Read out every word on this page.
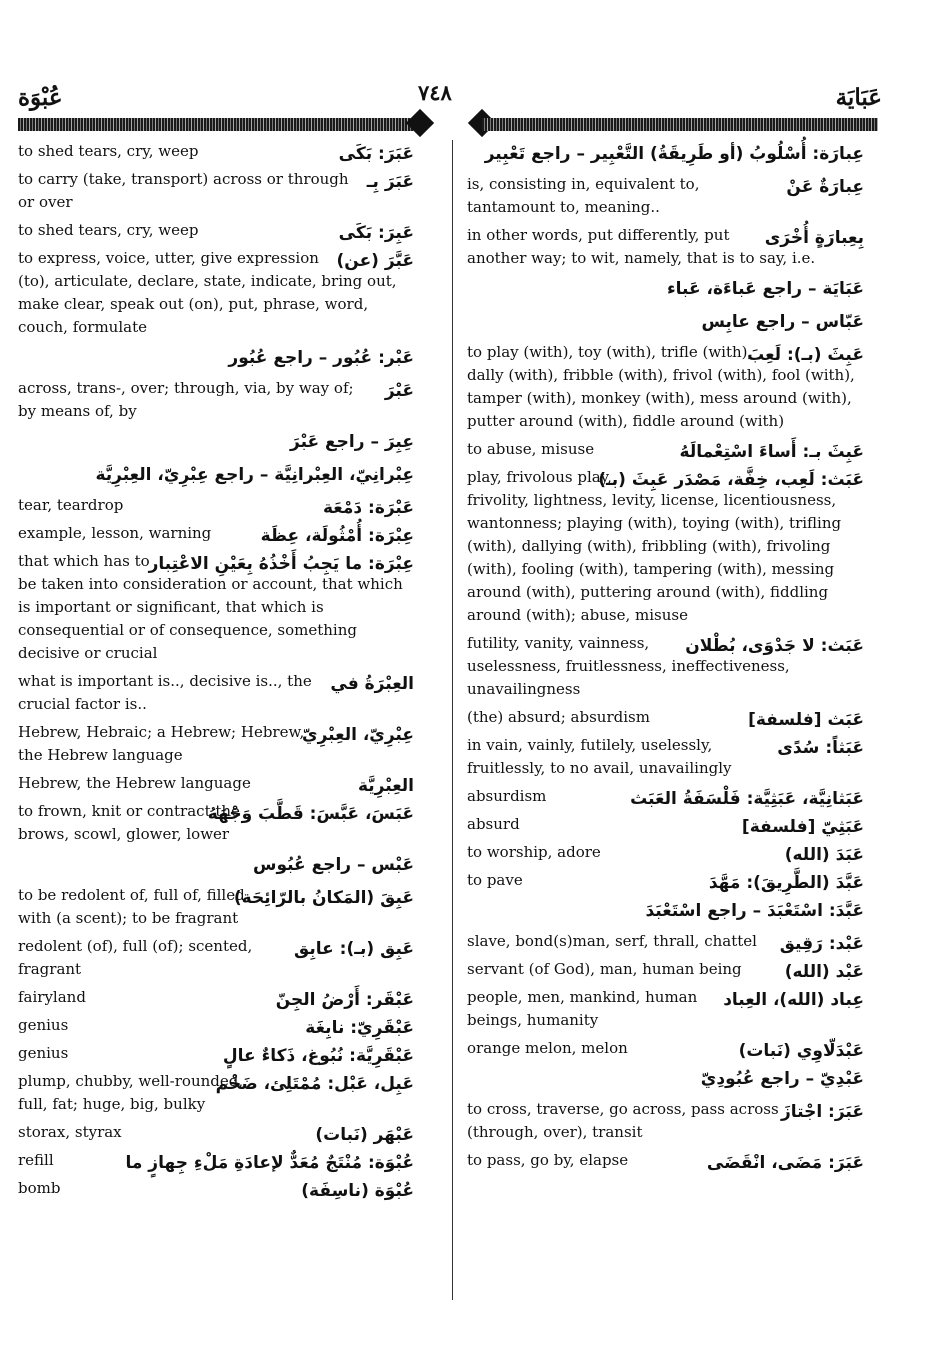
عُبْوَة	٧٤٨	عَبَايَة
عَبَرَ: بَكَى
to shed tears, cry, weep
عَبَرَ بِـ
to carry (take, transport) across or through or over
عَبِرَ: بَكَى
to shed tears, cry, weep
عَبَّرَ (عن)
to express, voice, utter, give expression (to), articulate, declare, state, indicate, bring out, make clear, speak out (on), put, phrase, word, couch, formulate
عَبْر: عُبُور – راجع عُبُور
عَبْرَ
across, trans-, over; through, via, by way of; by means of, by
عِبِرَ – راجع عَبْرَ
عِبْرانِيّ، العِبْرانِيَّة – راجع عِبْرِيّ، العِبْرِيَّة
عَبْرَة: دَمْعَة
tear, teardrop
عِبْرَة: أُمْثُولَة، عِظَة
example, lesson, warning
عِبْرَة: ما يَجِبُ أَخْذُهُ بِعَيْنِ الاعْتِبار
that which has to be taken into consideration or account, that which is important or significant, that which is consequential or of consequence, something decisive or crucial
العِبْرَةُ في
what is important is.., decisive is.., the crucial factor is..
عِبْرِيّ، العِبْرِيّ
Hebrew, Hebraic; a Hebrew; Hebrew, the Hebrew language
العِبْرِيَّة
Hebrew, the Hebrew language
عَبَسَ، عَبَّسَ: قَطَّبَ وَجْهَهُ
to frown, knit or contract the brows, scowl, glower, lower
عَبْس – راجع عُبُوس
عَبِقَ (المَكانُ بالرّائِحَة)
to be redolent of, full of, filled with (a scent); to be fragrant
عَبِق (بـ): عابِق
redolent (of), full (of); scented, fragrant
عَبْقَر: أَرْضُ الجِنّ
fairyland
عَبْقَرِيّ: نابِغَة
genius
عَبْقَرِيَّة: نُبُوغ، ذَكاءٌ عالٍ
genius
عَبِل، عَبْل: مُمْتَلِئ، ضَخْم
plump, chubby, well-rounded, full, fat; huge, big, bulky
عَبْهَر (نَبات)
storax, styrax
عُبْوَة: مُنْتَجٌ مُعَدٌّ لإعادَةِ مَلْءِ جِهازٍ ما
refill
عُبْوَة (ناسِفَة)
bomb
عِبارَة: أُسْلُوبُ (أو طَرِيقَةُ) التَّعْبِير – راجع تَعْبِير
عِبارَةٌ عَنْ
is, consisting in, equivalent to, tantamount to, meaning..
بِعِبارَةٍ أُخْرَى
in other words, put differently, put another way; to wit, namely, that is to say, i.e.
عَبَايَة – راجع عَباءَة، عَباء
عَبّاس – راجع عابِس
عَبِثَ (بـ): لَعِبَ
to play (with), toy (with), trifle (with), dally (with), fribble (with), frivol (with), fool (with), tamper (with), monkey (with), mess around (with), putter around (with), fiddle around (with)
عَبِثَ بـ: أَساءَ اسْتِعْمالَهُ
to abuse, misuse
عَبَث: لَعِب، خِفَّة، مَصْدَر عَبِثَ (بـ)
play, frivolous play, frivolity, lightness, levity, license, licentiousness, wantonness; playing (with), toying (with), trifling (with), dallying (with), fribbling (with), frivoling (with), fooling (with), tampering (with), messing around (with), puttering around (with), fiddling around (with); abuse, misuse
عَبَث: لا جَدْوَى، بُطْلان
futility, vanity, vainness, uselessness, fruitlessness, ineffectiveness, unavailingness
عَبَث [فلسفة]
(the) absurd; absurdism
عَبَثاً: سُدًى
in vain, vainly, futilely, uselessly, fruitlessly, to no avail, unavailingly
عَبَثانِيَّة، عَبَثِيَّة: فَلْسَفَةُ العَبَث
absurdism
عَبَثِيّ [فلسفة]
absurd
عَبَدَ (الله)
to worship, adore
عَبَّدَ (الطَّرِيقَ): مَهَّدَ
to pave
عَبَّدَ: اسْتَعْبَدَ – راجع اسْتَعْبَدَ
عَبْد: رَقِيق
slave, bond(s)man, serf, thrall, chattel
عَبْد (الله)
servant (of God), man, human being
عِباد (الله)، العِباد
people, men, mankind, human beings, humanity
عَبْدَلّاوِي (نَبات)
orange melon, melon
عَبْدِيّ – راجع عُبُودِيّ
عَبَرَ: اجْتازَ
to cross, traverse, go across, pass across (through, over), transit
عَبَرَ: مَضَى، انْقَضَى
to pass, go by, elapse
